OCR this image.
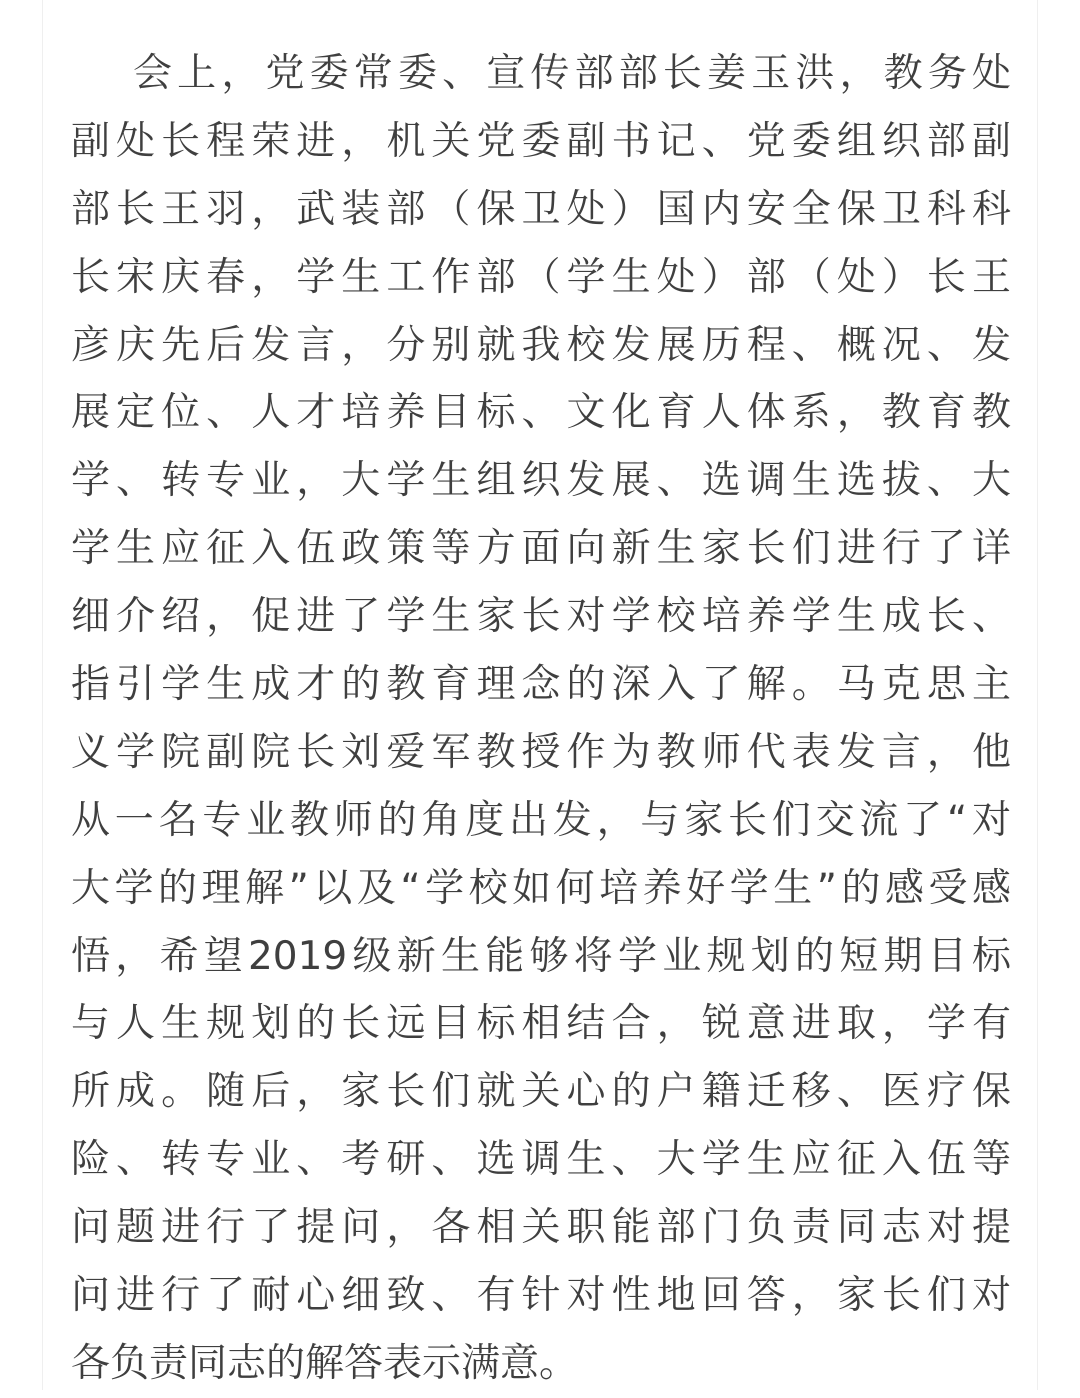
会上，党委常委、宣传部部长姜玉洪，教务处
副处长程荣进，机关党委副书记、党委组织部副
部长王羽，武装部（保卫处）国内安全保卫科科
长宋庆春，学生工作部（学生处）部（处）长王
彦庆先后发言，分别就我校发展历程、概况、发
展定位、人才培养目标、文化育人体系，教育教
学、转专业，大学生组织发展、选调生选拔、大
学生应征入伍政策等方面向新生家长们进行了详
细介绍，促进了学生家长对学校培养学生成长、
指引学生成才的教育理念的深入了解。马克思主
义学院副院长刘爱军教授作为教师代表发言，他
从一名专业教师的角度出发，与家长们交流了“对
大学的理解”以及“学校如何培养好学生”的感受感
悟，希望2019级新生能够将学业规划的短期目标
与人生规划的长远目标相结合，锐意进取，学有
所成。随后，家长们就关心的户籍迁移、医疗保
险、转专业、考研、选调生、大学生应征入伍等
问题进行了提问，各相关职能部门负责同志对提
问进行了耐心细致、有针对性地回答，家长们对
各负责同志的解答表示满意。
